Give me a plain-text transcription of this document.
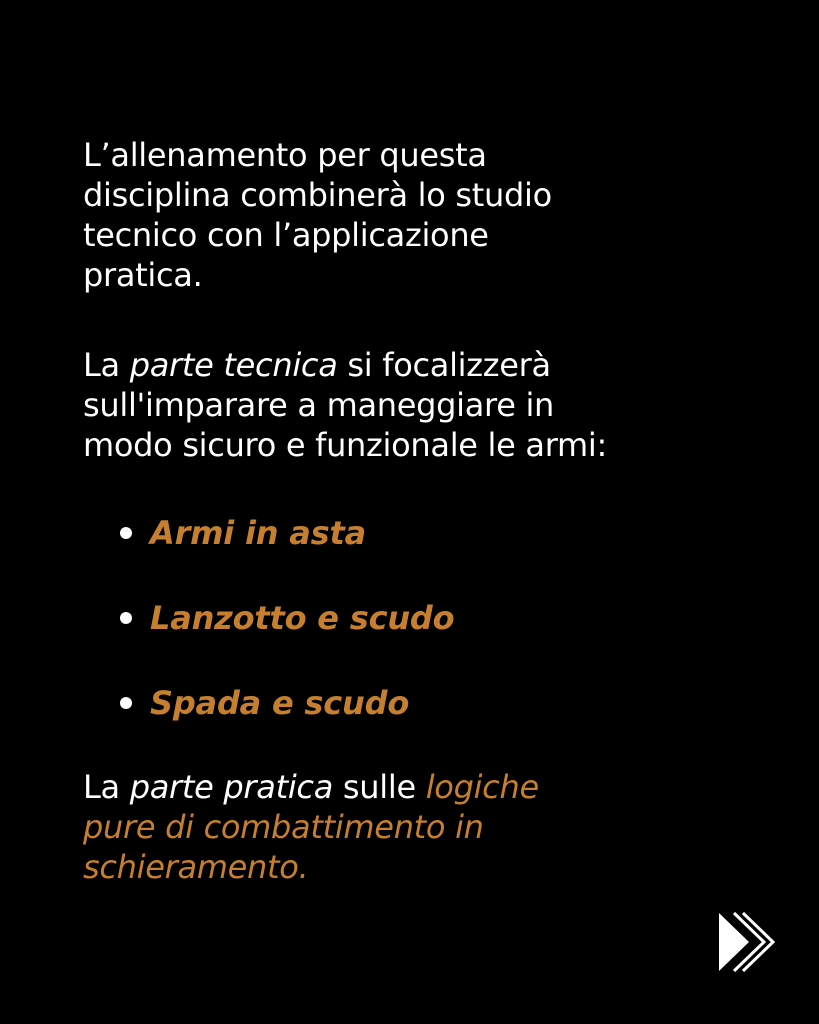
L’allenamento per questa
disciplina combinerà lo studio
tecnico con l’applicazione
pratica.

La parte tecnica si focalizzerà
sull'imparare a maneggiare in
modo sicuro e funzionale le armi:

Armi in asta
Lanzotto e scudo
Spada e scudo

La parte pratica sulle logiche
pure di combattimento in
schieramento.
